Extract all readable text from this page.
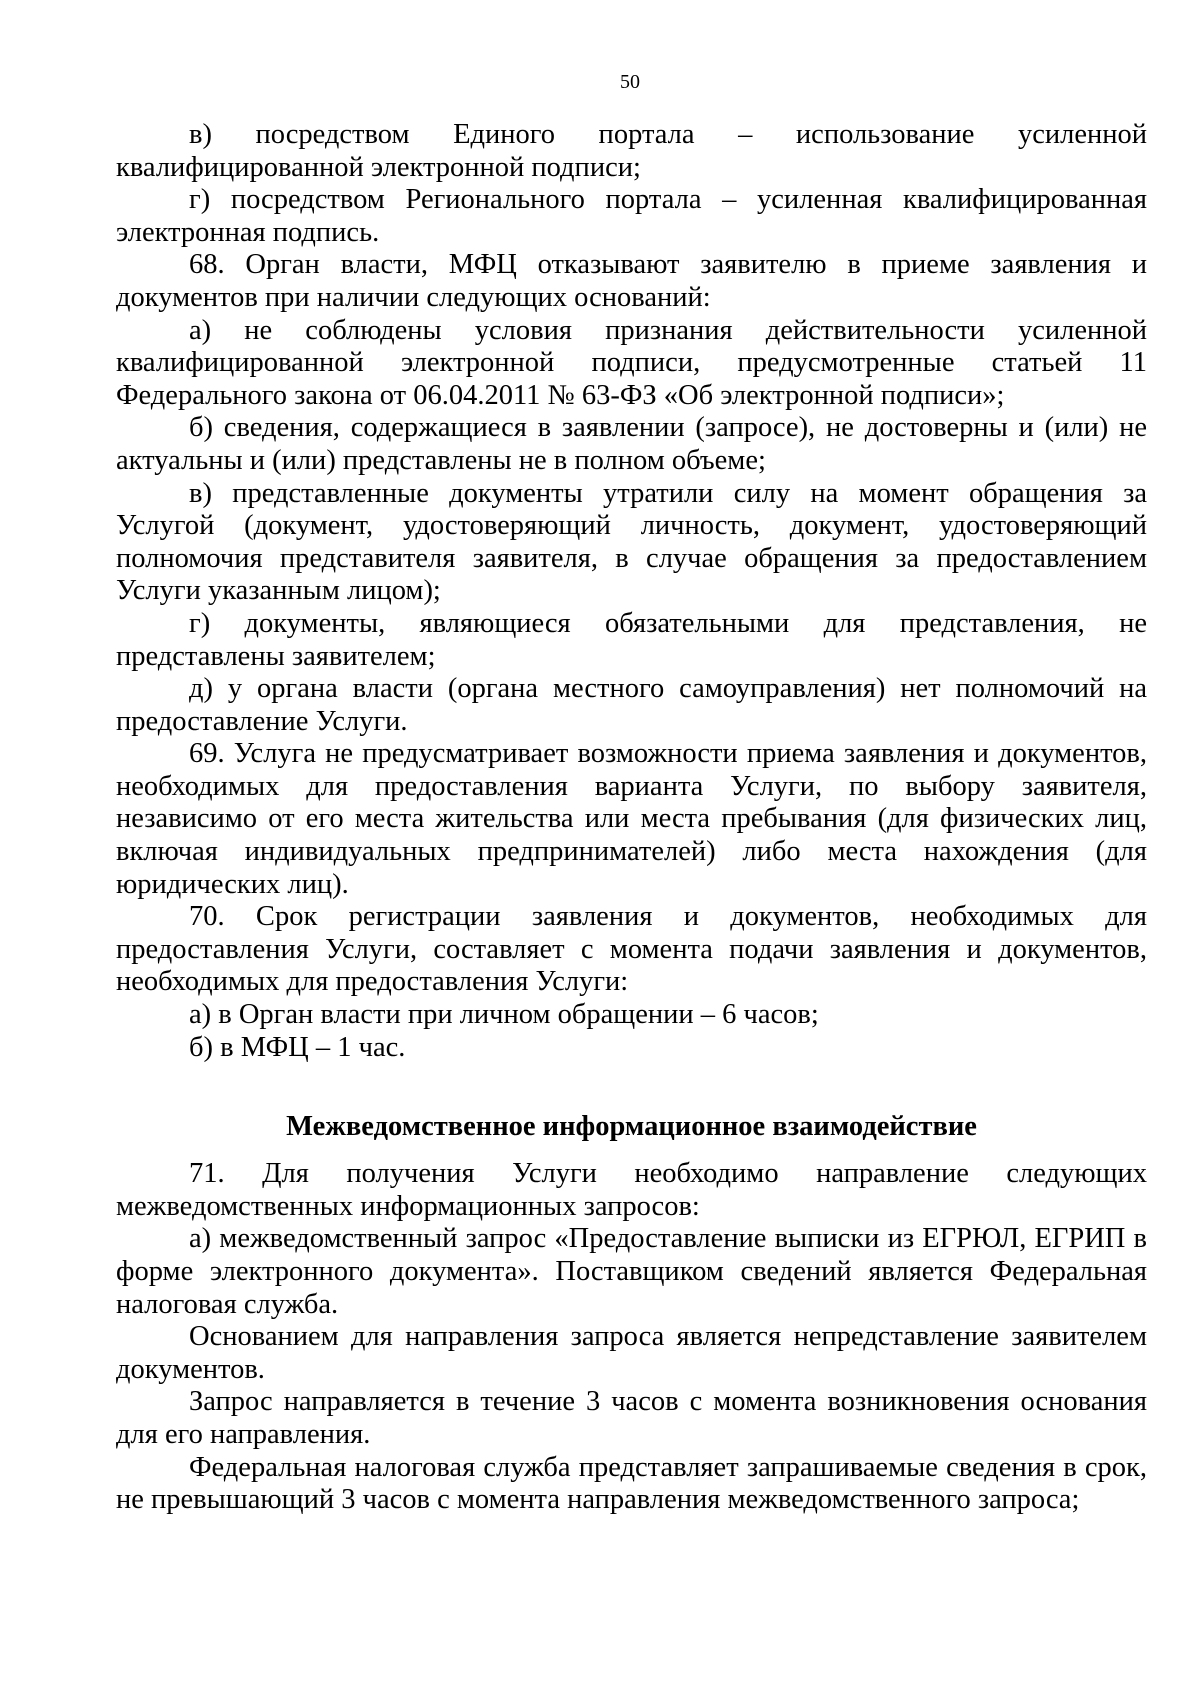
50

в) посредством Единого портала – использование усиленной квалифицированной электронной подписи;

г) посредством Регионального портала – усиленная квалифицированная электронная подпись.

68. Орган власти, МФЦ отказывают заявителю в приеме заявления и документов при наличии следующих оснований:

а) не соблюдены условия признания действительности усиленной квалифицированной электронной подписи, предусмотренные статьей 11 Федерального закона от 06.04.2011 № 63-ФЗ «Об электронной подписи»;

б) сведения, содержащиеся в заявлении (запросе), не достоверны и (или) не актуальны и (или) представлены не в полном объеме;

в) представленные документы утратили силу на момент обращения за Услугой (документ, удостоверяющий личность, документ, удостоверяющий полномочия представителя заявителя, в случае обращения за предоставлением Услуги указанным лицом);

г) документы, являющиеся обязательными для представления, не представлены заявителем;

д) у органа власти (органа местного самоуправления) нет полномочий на предоставление Услуги.

69. Услуга не предусматривает возможности приема заявления и документов, необходимых для предоставления варианта Услуги, по выбору заявителя, независимо от его места жительства или места пребывания (для физических лиц, включая индивидуальных предпринимателей) либо места нахождения (для юридических лиц).

70. Срок регистрации заявления и документов, необходимых для предоставления Услуги, составляет с момента подачи заявления и документов, необходимых для предоставления Услуги:

а) в Орган власти при личном обращении – 6 часов;

б) в МФЦ – 1 час.

Межведомственное информационное взаимодействие

71. Для получения Услуги необходимо направление следующих межведомственных информационных запросов:

а) межведомственный запрос «Предоставление выписки из ЕГРЮЛ, ЕГРИП в форме электронного документа». Поставщиком сведений является Федеральная налоговая служба.

Основанием для направления запроса является непредставление заявителем документов.

Запрос направляется в течение 3 часов с момента возникновения основания для его направления.

Федеральная налоговая служба представляет запрашиваемые сведения в срок, не превышающий 3 часов с момента направления межведомственного запроса;
